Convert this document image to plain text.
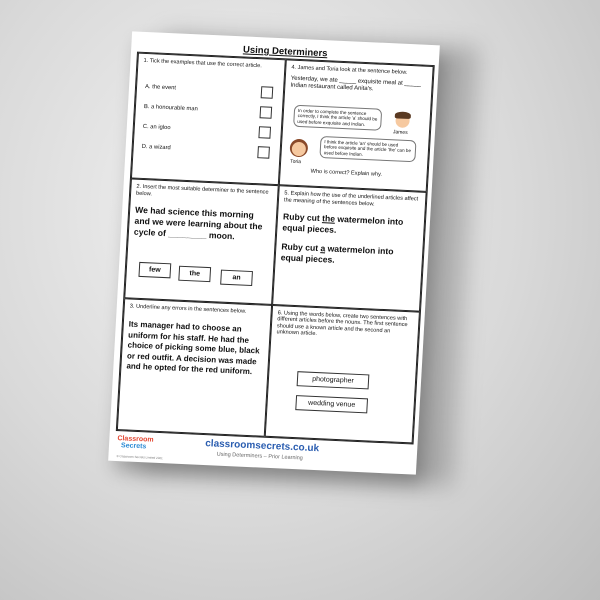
Using Determiners
1. Tick the examples that use the correct article.
A. the event
B. a honourable man
C. an igloo
D. a wizard
4. James and Toria look at the sentence below.
Yesterday, we ate _____ exquisite meal at _____ Indian restaurant called Anita's.
In order to complete the sentence correctly, I think the article 'a' should be used before exquisite and Indian.
James
I think the article 'an' should be used before exquisite and the article 'the' can be used before Indian.
Toria
Who is correct? Explain why.
2. Insert the most suitable determiner to the sentence below.
We had science this morning and we were learning about the cycle of ________ moon.
few
the
an
5. Explain how the use of the underlined articles affect the meaning of the sentences below.
Ruby cut the watermelon into equal pieces.
Ruby cut a watermelon into equal pieces.
3. Underline any errors in the sentences below.
Its manager had to choose an uniform for his staff. He had the choice of picking some blue, black or red outfit. A decision was made and he opted for the red uniform.
6. Using the words below, create two sentences with different articles before the nouns. The first sentence should use a known article and the second an unknown article.
photographer
wedding venue
Classroom
Secrets
© Classroom Secrets Limited 2021
classroomsecrets.co.uk
Using Determiners – Prior Learning
